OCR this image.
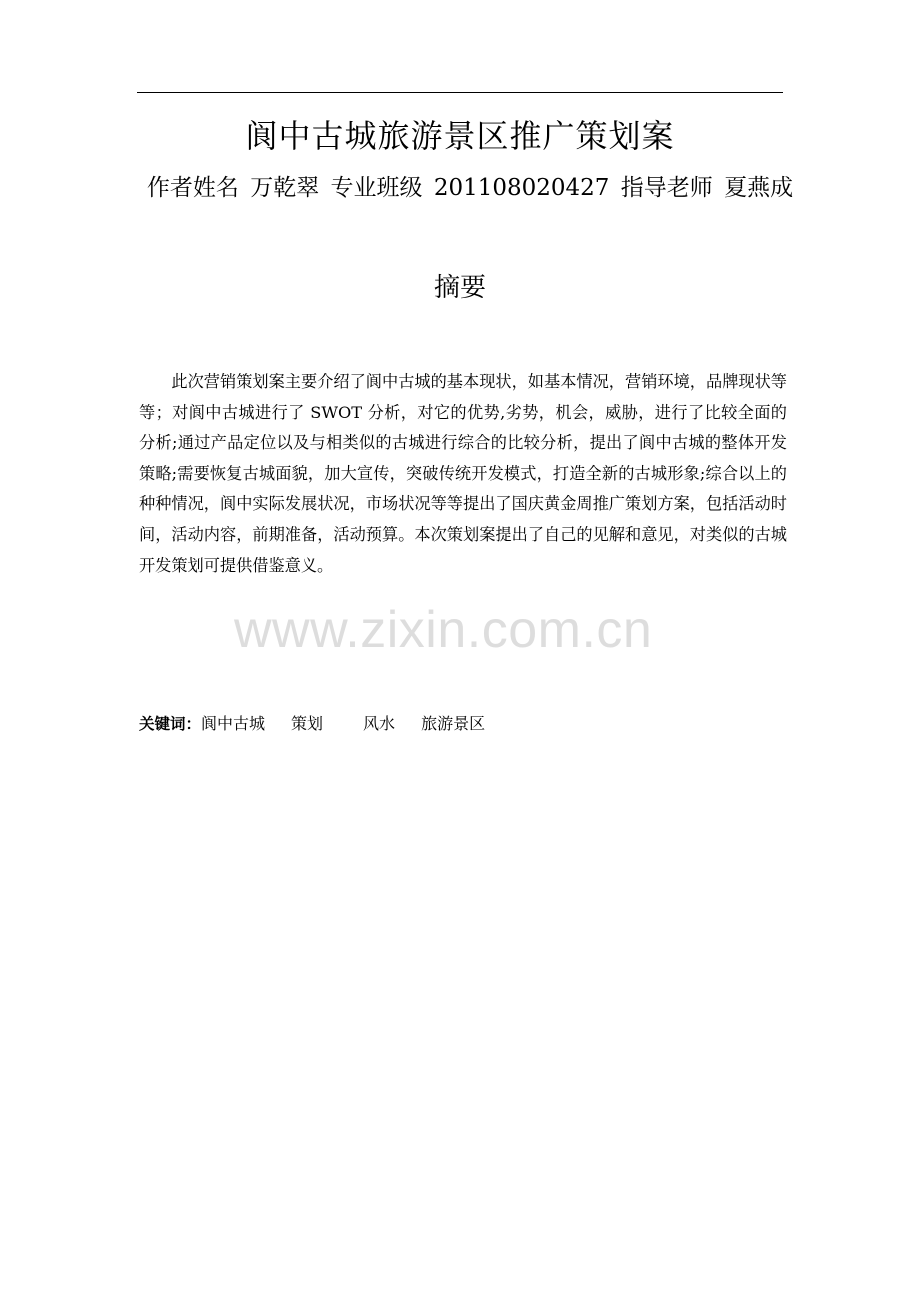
阆中古城旅游景区推广策划案
作者姓名 万乾翠 专业班级 201108020427 指导老师 夏燕成
摘要

此次营销策划案主要介绍了阆中古城的基本现状，如基本情况，营销环境，品牌现状等等；对阆中古城进行了 SWOT 分析，对它的优势,劣势，机会，威胁，进行了比较全面的分析;通过产品定位以及与相类似的古城进行综合的比较分析，提出了阆中古城的整体开发策略;需要恢复古城面貌，加大宣传，突破传统开发模式，打造全新的古城形象;综合以上的种种情况，阆中实际发展状况，市场状况等等提出了国庆黄金周推广策划方案，包括活动时间，活动内容，前期准备，活动预算。本次策划案提出了自己的见解和意见，对类似的古城开发策划可提供借鉴意义。

关键词：阆中古城 策划	风水 旅游景区
www.zixin.com.cn
